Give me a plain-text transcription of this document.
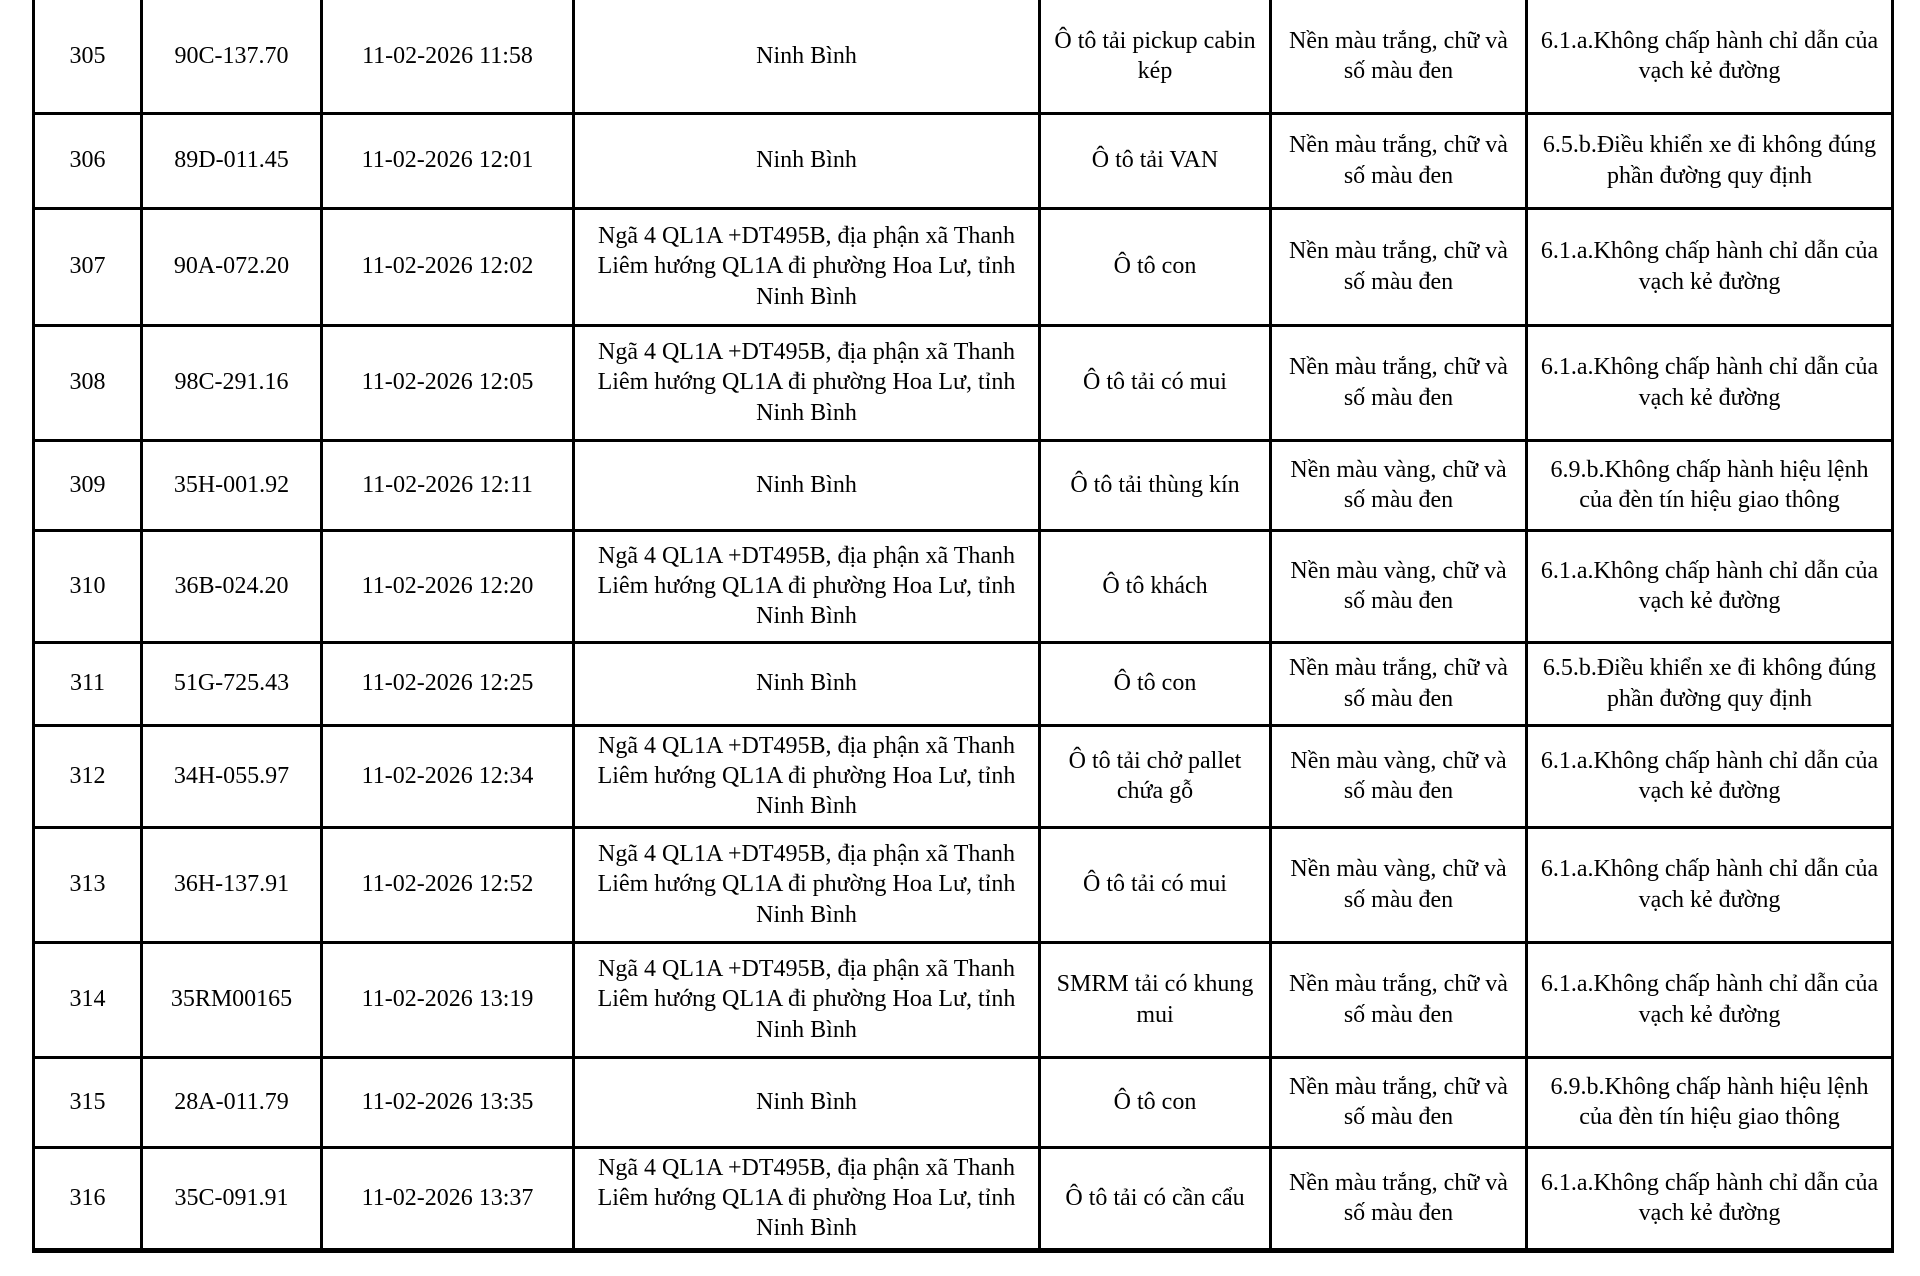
305	90C-137.70	11-02-2026 11:58	Ninh Bình	Ô tô tải pickup cabin kép	Nền màu trắng, chữ và số màu đen	6.1.a.Không chấp hành chỉ dẫn của vạch kẻ đường
306	89D-011.45	11-02-2026 12:01	Ninh Bình	Ô tô tải VAN	Nền màu trắng, chữ và số màu đen	6.5.b.Điều khiển xe đi không đúng phần đường quy định
307	90A-072.20	11-02-2026 12:02	Ngã 4 QL1A +DT495B, địa phận xã Thanh Liêm hướng QL1A đi phường Hoa Lư, tỉnh Ninh Bình	Ô tô con	Nền màu trắng, chữ và số màu đen	6.1.a.Không chấp hành chỉ dẫn của vạch kẻ đường
308	98C-291.16	11-02-2026 12:05	Ngã 4 QL1A +DT495B, địa phận xã Thanh Liêm hướng QL1A đi phường Hoa Lư, tỉnh Ninh Bình	Ô tô tải có mui	Nền màu trắng, chữ và số màu đen	6.1.a.Không chấp hành chỉ dẫn của vạch kẻ đường
309	35H-001.92	11-02-2026 12:11	Ninh Bình	Ô tô tải thùng kín	Nền màu vàng, chữ và số màu đen	6.9.b.Không chấp hành hiệu lệnh của đèn tín hiệu giao thông
310	36B-024.20	11-02-2026 12:20	Ngã 4 QL1A +DT495B, địa phận xã Thanh Liêm hướng QL1A đi phường Hoa Lư, tỉnh Ninh Bình	Ô tô khách	Nền màu vàng, chữ và số màu đen	6.1.a.Không chấp hành chỉ dẫn của vạch kẻ đường
311	51G-725.43	11-02-2026 12:25	Ninh Bình	Ô tô con	Nền màu trắng, chữ và số màu đen	6.5.b.Điều khiển xe đi không đúng phần đường quy định
312	34H-055.97	11-02-2026 12:34	Ngã 4 QL1A +DT495B, địa phận xã Thanh Liêm hướng QL1A đi phường Hoa Lư, tỉnh Ninh Bình	Ô tô tải chở pallet chứa gỗ	Nền màu vàng, chữ và số màu đen	6.1.a.Không chấp hành chỉ dẫn của vạch kẻ đường
313	36H-137.91	11-02-2026 12:52	Ngã 4 QL1A +DT495B, địa phận xã Thanh Liêm hướng QL1A đi phường Hoa Lư, tỉnh Ninh Bình	Ô tô tải có mui	Nền màu vàng, chữ và số màu đen	6.1.a.Không chấp hành chỉ dẫn của vạch kẻ đường
314	35RM00165	11-02-2026 13:19	Ngã 4 QL1A +DT495B, địa phận xã Thanh Liêm hướng QL1A đi phường Hoa Lư, tỉnh Ninh Bình	SMRM tải có khung mui	Nền màu trắng, chữ và số màu đen	6.1.a.Không chấp hành chỉ dẫn của vạch kẻ đường
315	28A-011.79	11-02-2026 13:35	Ninh Bình	Ô tô con	Nền màu trắng, chữ và số màu đen	6.9.b.Không chấp hành hiệu lệnh của đèn tín hiệu giao thông
316	35C-091.91	11-02-2026 13:37	Ngã 4 QL1A +DT495B, địa phận xã Thanh Liêm hướng QL1A đi phường Hoa Lư, tỉnh Ninh Bình	Ô tô tải có cần cẩu	Nền màu trắng, chữ và số màu đen	6.1.a.Không chấp hành chỉ dẫn của vạch kẻ đường
